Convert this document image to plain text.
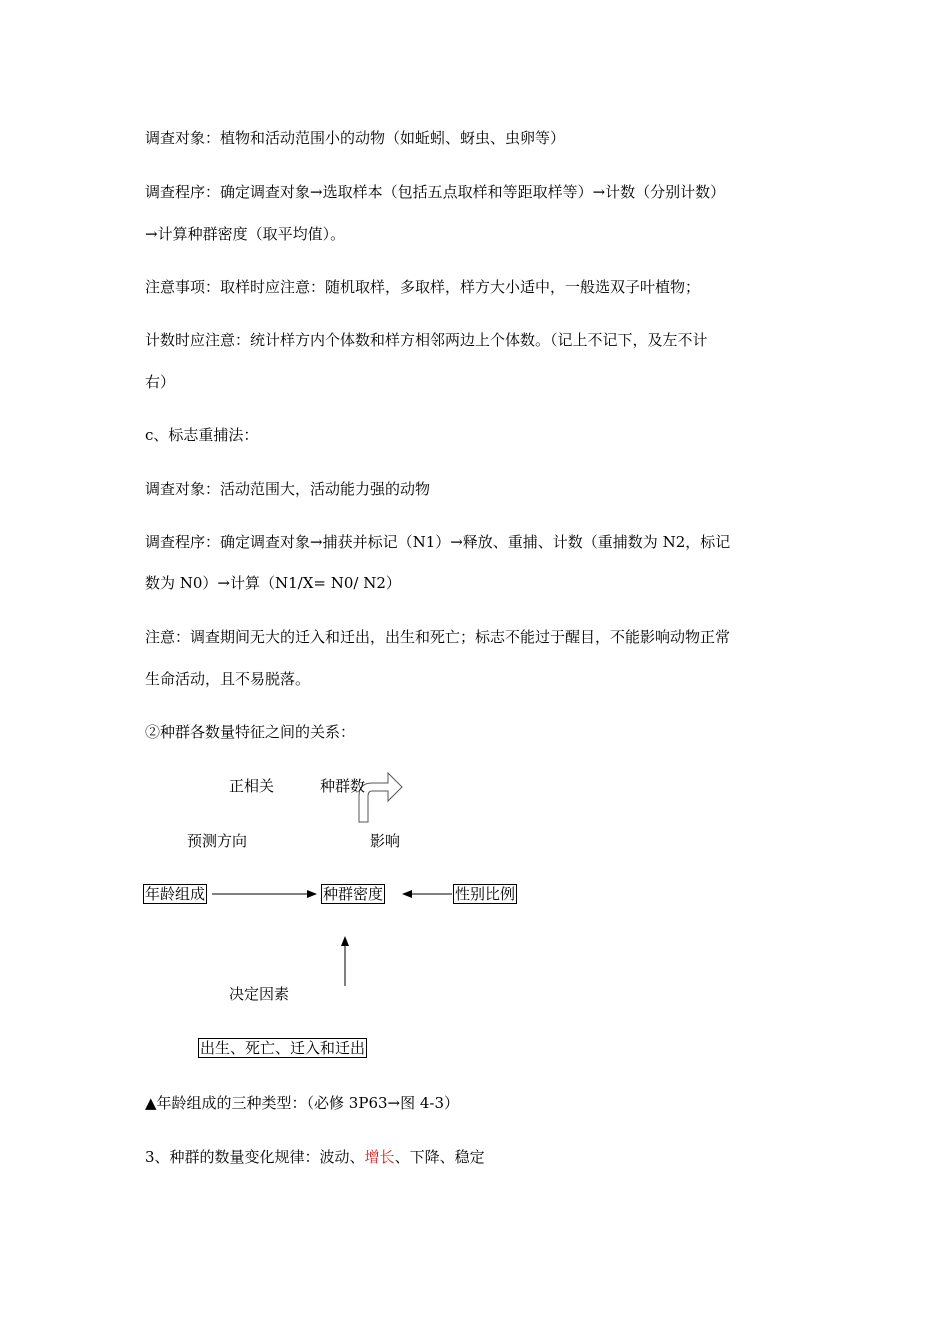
调查对象：植物和活动范围小的动物（如蚯蚓、蚜虫、虫卵等）
调查程序：确定调查对象→选取样本（包括五点取样和等距取样等）→计数（分别计数）
→计算种群密度（取平均值）。
注意事项：取样时应注意：随机取样，多取样，样方大小适中，一般选双子叶植物；
计数时应注意：统计样方内个体数和样方相邻两边上个体数。（记上不记下，及左不计
右）
c、标志重捕法：
调查对象：活动范围大，活动能力强的动物
调查程序：确定调查对象→捕获并标记（N1）→释放、重捕、计数（重捕数为 N2，标记
数为 N0）→计算（N1/X= N0/ N2）
注意：调查期间无大的迁入和迁出，出生和死亡；标志不能过于醒目，不能影响动物正常
生命活动，且不易脱落。
②种群各数量特征之间的关系：
正相关	种群数
预测方向	影响
年龄组成	种群密度	性别比例
决定因素
出生、死亡、迁入和迁出
▲年龄组成的三种类型：（必修 3P63→图 4-3）
3、种群的数量变化规律：波动、增长、下降、稳定
